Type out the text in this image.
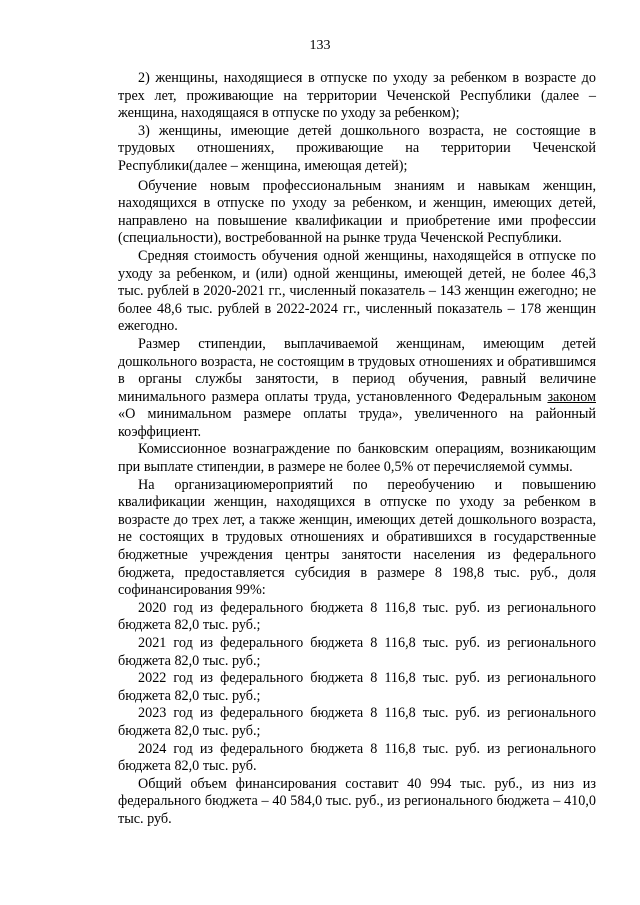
133

2) женщины, находящиеся в отпуске по уходу за ребенком в возрасте до трех лет, проживающие на территории Чеченской Республики (далее – женщина, находящаяся в отпуске по уходу за ребенком);

3) женщины, имеющие детей дошкольного возраста, не состоящие в трудовых отношениях, проживающие на территории Чеченской Республики(далее – женщина, имеющая детей);

Обучение новым профессиональным знаниям и навыкам женщин, находящихся в отпуске по уходу за ребенком, и женщин, имеющих детей, направлено на повышение квалификации и приобретение ими профессии (специальности), востребованной на рынке труда Чеченской Республики.

Средняя стоимость обучения одной женщины, находящейся в отпуске по уходу за ребенком, и (или) одной женщины, имеющей детей, не более 46,3 тыс. рублей в 2020-2021 гг., численный показатель – 143 женщин ежегодно; не более 48,6 тыс. рублей в 2022-2024 гг., численный показатель – 178 женщин ежегодно.

Размер стипендии, выплачиваемой женщинам, имеющим детей дошкольного возраста, не состоящим в трудовых отношениях и обратившимся в органы службы занятости, в период обучения, равный величине минимального размера оплаты труда, установленного Федеральным законом «О минимальном размере оплаты труда», увеличенного на районный коэффициент.

Комиссионное вознаграждение по банковским операциям, возникающим при выплате стипендии, в размере не более 0,5% от перечисляемой суммы.

На организациюмероприятий по переобучению и повышению квалификации женщин, находящихся в отпуске по уходу за ребенком в возрасте до трех лет, а также женщин, имеющих детей дошкольного возраста, не состоящих в трудовых отношениях и обратившихся в государственные бюджетные учреждения центры занятости населения из федерального бюджета, предоставляется субсидия в размере 8 198,8 тыс. руб., доля софинансирования 99%:

2020 год из федерального бюджета 8 116,8 тыс. руб. из регионального бюджета 82,0 тыс. руб.;

2021 год из федерального бюджета 8 116,8 тыс. руб. из регионального бюджета 82,0 тыс. руб.;

2022 год из федерального бюджета 8 116,8 тыс. руб. из регионального бюджета 82,0 тыс. руб.;

2023 год из федерального бюджета 8 116,8 тыс. руб. из регионального бюджета 82,0 тыс. руб.;

2024 год из федерального бюджета 8 116,8 тыс. руб. из регионального бюджета 82,0 тыс. руб.

Общий объем финансирования составит 40 994 тыс. руб., из низ из федерального бюджета – 40 584,0 тыс. руб., из регионального бюджета – 410,0 тыс. руб.
